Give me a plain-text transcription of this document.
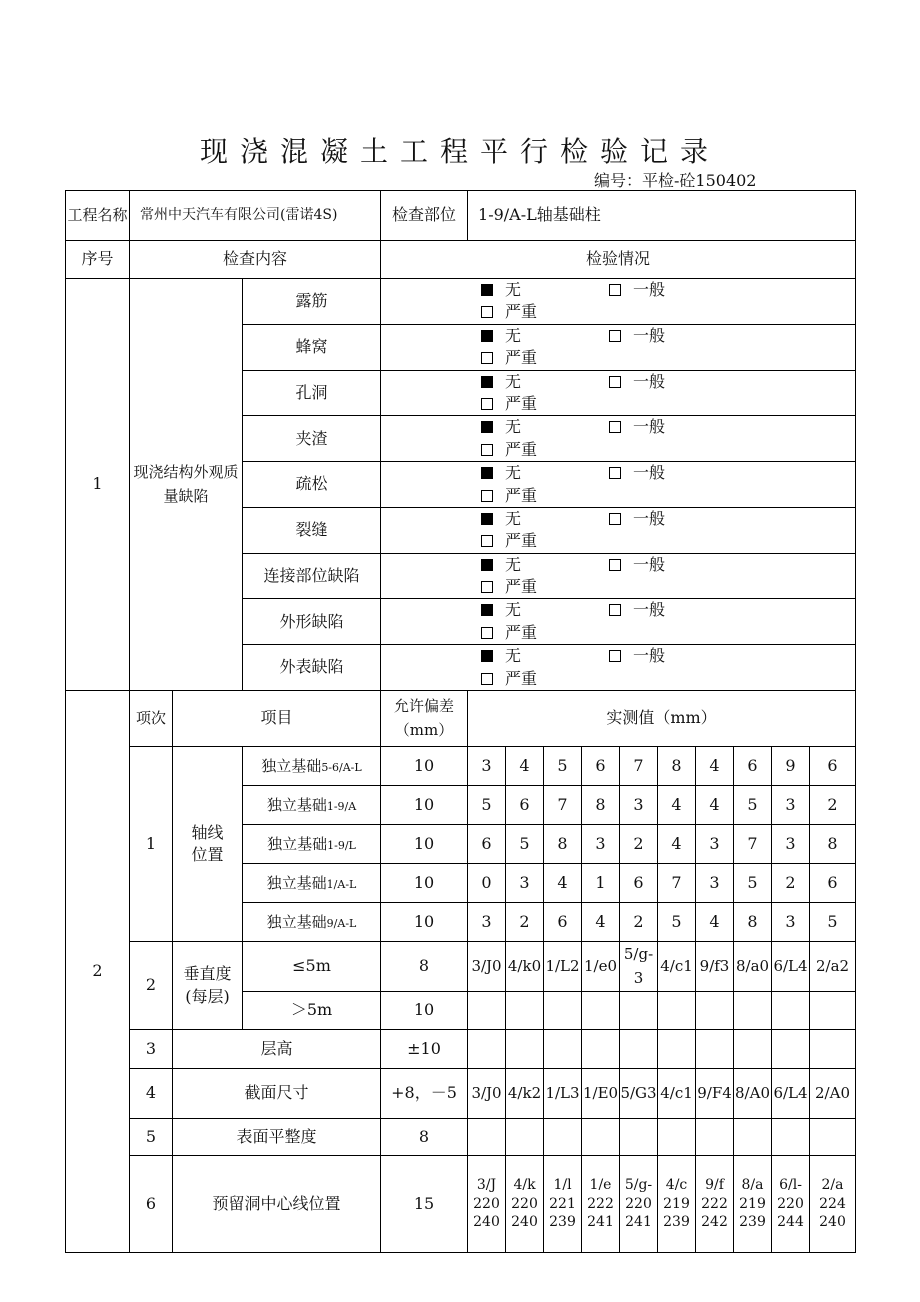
现浇混凝土工程平行检验记录
编号：平检-砼150402
工程名称	常州中天汽车有限公司(雷诺4S)			检查部位	1-9/A-L轴基础柱									
序号	检查内容			检验情况										
1	现浇结构外观质量缺陷		露筋	无 一般严重										
			蜂窝	无 一般严重										
			孔洞	无 一般严重										
			夹渣	无 一般严重										
			疏松	无 一般严重										
			裂缝	无 一般严重										
			连接部位缺陷	无 一般严重										
			外形缺陷	无 一般严重										
			外表缺陷	无 一般严重										
2	项次	项目		允许偏差（mm）	实测值（mm）									
	1	轴线位置	独立基础5-6/A-L	10	3	4	5	6	7	8	4	6	9	6
			独立基础1-9/A	10	5	6	7	8	3	4	4	5	3	2
			独立基础1-9/L	10	6	5	8	3	2	4	3	7	3	8
			独立基础1/A-L	10	0	3	4	1	6	7	3	5	2	6
			独立基础9/A-L	10	3	2	6	4	2	5	4	8	3	5
	2	垂直度(每层)	≤5m	8	3/J0	4/k0	1/L2	1/e0	5/g-3	4/c1	9/f3	8/a0	6/L4	2/a2
			＞5m	10										
	3	层高		±10										
	4	截面尺寸		+8，－5	3/J0	4/k2	1/L3	1/E0	5/G3	4/c1	9/F4	8/A0	6/L4	2/A0
	5	表面平整度		8										
	6	预留洞中心线位置		15	3/J 220 240	4/k 220 240	1/l 221 239	1/e 222 241	5/g- 220 241	4/c 219 239	9/f 222 242	8/a 219 239	6/l- 220 244	2/a 224 240
